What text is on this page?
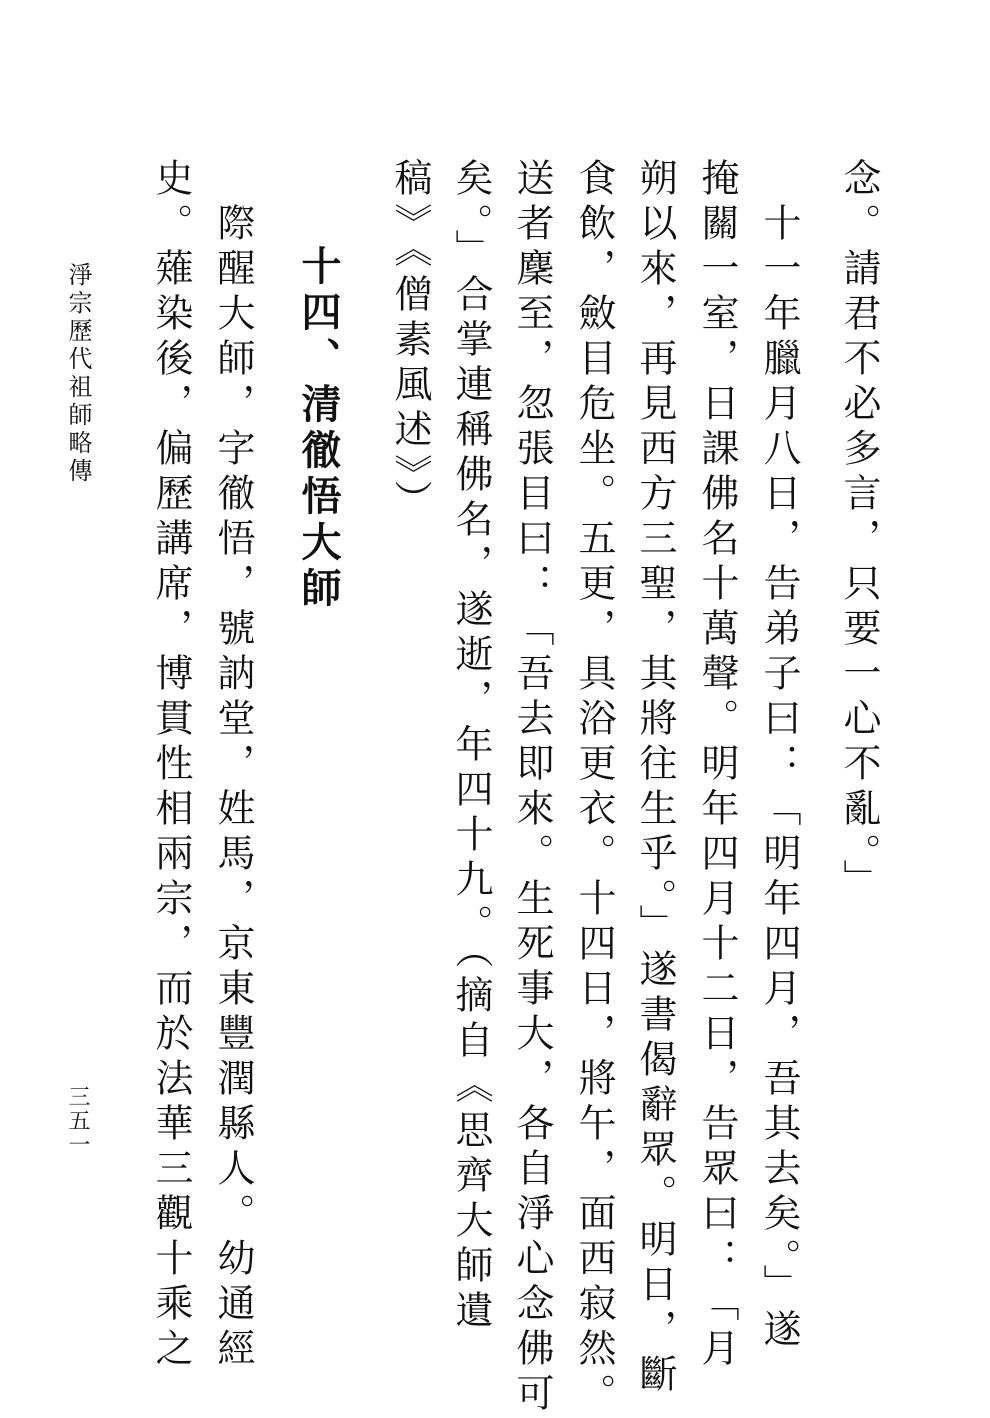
念。請君不必多言，只要一心不亂。」
　十一年臘月八日，告弟子曰：「明年四月，吾其去矣。」遂
掩關一室，日課佛名十萬聲。明年四月十二日，告眾曰：「月
朔以來，再見西方三聖，其將往生乎。」遂書偈辭眾。明日，斷
食飲，斂目危坐。五更，具浴更衣。十四日，將午，面西寂然。
送者麇至，忽張目曰：「吾去即來。生死事大，各自淨心念佛可
矣。」合掌連稱佛名，遂逝，年四十九。（摘自《思齊大師遺
稿》《僧素風述》）
十四、清徹悟大師
　際醒大師，字徹悟，號訥堂，姓馬，京東豐潤縣人。幼通經
史。薙染後，偏歷講席，博貫性相兩宗，而於法華三觀十乘之
淨宗歷代祖師略傳
三五一
